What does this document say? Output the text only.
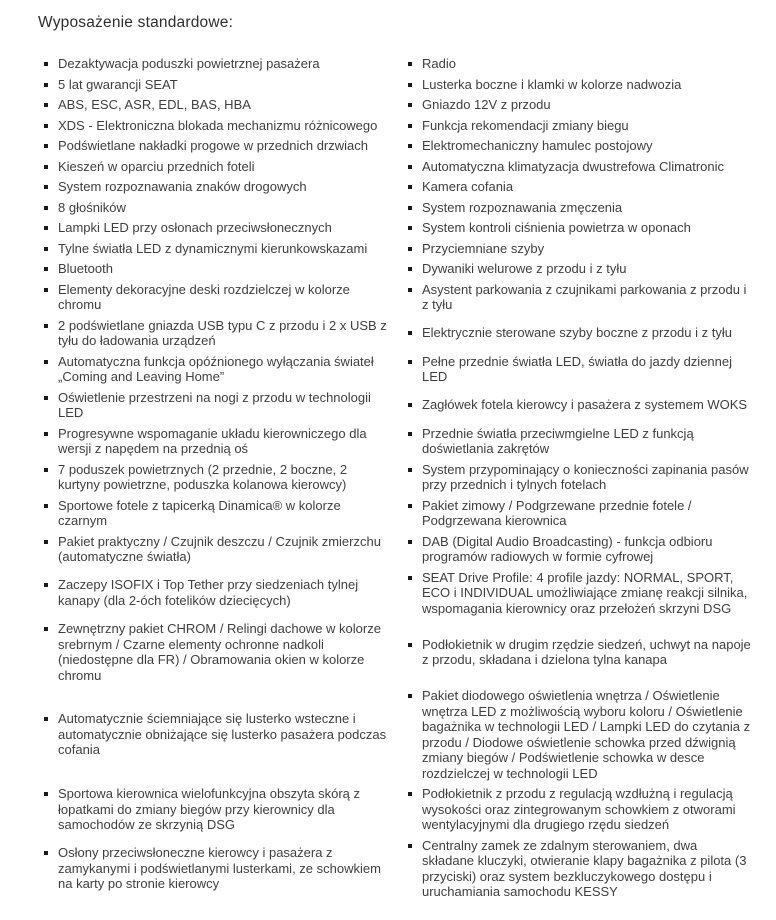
Wyposażenie standardowe:
Dezaktywacja poduszki powietrznej pasażera	Radio
5 lat gwarancji SEAT	Lusterka boczne i klamki w kolorze nadwozia
ABS, ESC, ASR, EDL, BAS, HBA	Gniazdo 12V z przodu
XDS - Elektroniczna blokada mechanizmu różnicowego	Funkcja rekomendacji zmiany biegu
Podświetlane nakładki progowe w przednich drzwiach	Elektromechaniczny hamulec postojowy
Kieszeń w oparciu przednich foteli	Automatyczna klimatyzacja dwustrefowa Climatronic
System rozpoznawania znaków drogowych	Kamera cofania
8 głośników	System rozpoznawania zmęczenia
Lampki LED przy osłonach przeciwsłonecznych	System kontroli ciśnienia powietrza w oponach
Tylne światła LED z dynamicznymi kierunkowskazami	Przyciemniane szyby
Bluetooth	Dywaniki welurowe z przodu i z tyłu
Elementy dekoracyjne deski rozdzielczej w kolorze chromu
Asystent parkowania z czujnikami parkowania z przodu i z tyłu
2 podświetlane gniazda USB typu C z przodu i 2 x USB z tyłu do ładowania urządzeń
Elektrycznie sterowane szyby boczne z przodu i z tyłu
Automatyczna funkcja opóźnionego wyłączania świateł „Coming and Leaving Home”
Pełne przednie światła LED, światła do jazdy dziennej LED
Oświetlenie przestrzeni na nogi z przodu w technologii LED
Zagłówek fotela kierowcy i pasażera z systemem WOKS
Progresywne wspomaganie układu kierowniczego dla wersji z napędem na przednią oś
Przednie światła przeciwmgielne LED z funkcją doświetlania zakrętów
7 poduszek powietrznych (2 przednie, 2 boczne, 2 kurtyny powietrzne, poduszka kolanowa kierowcy)
System przypominający o konieczności zapinania pasów przy przednich i tylnych fotelach
Sportowe fotele z tapicerką Dinamica® w kolorze czarnym
Pakiet zimowy / Podgrzewane przednie fotele / Podgrzewana kierownica
Pakiet praktyczny / Czujnik deszczu / Czujnik zmierzchu (automatyczne światła)
DAB (Digital Audio Broadcasting) - funkcja odbioru programów radiowych w formie cyfrowej
Zaczepy ISOFIX i Top Tether przy siedzeniach tylnej kanapy (dla 2-óch fotelików dziecięcych)
SEAT Drive Profile: 4 profile jazdy: NORMAL, SPORT, ECO i INDIVIDUAL umożliwiające zmianę reakcji silnika, wspomagania kierownicy oraz przełożeń skrzyni DSG
Zewnętrzny pakiet CHROM / Relingi dachowe w kolorze srebrnym / Czarne elementy ochronne nadkoli (niedostępne dla FR) / Obramowania okien w kolorze chromu
Podłokietnik w drugim rzędzie siedzeń, uchwyt na napoje z przodu, składana i dzielona tylna kanapa
Automatycznie ściemniające się lusterko wsteczne i automatycznie obniżające się lusterko pasażera podczas cofania
Pakiet diodowego oświetlenia wnętrza / Oświetlenie wnętrza LED z możliwością wyboru koloru / Oświetlenie bagażnika w technologii LED / Lampki LED do czytania z przodu / Diodowe oświetlenie schowka przed dźwignią zmiany biegów / Podświetlenie schowka w desce rozdzielczej w technologii LED
Sportowa kierownica wielofunkcyjna obszyta skórą z łopatkami do zmiany biegów przy kierownicy dla samochodów ze skrzynią DSG
Podłokietnik z przodu z regulacją wzdłużną i regulacją wysokości oraz zintegrowanym schowkiem z otworami wentylacyjnymi dla drugiego rzędu siedzeń
Osłony przeciwsłoneczne kierowcy i pasażera z zamykanymi i podświetlanymi lusterkami, ze schowkiem na karty po stronie kierowcy
Centralny zamek ze zdalnym sterowaniem, dwa składane kluczyki, otwieranie klapy bagażnika z pilota (3 przyciski) oraz system bezkluczykowego dostępu i uruchamiania samochodu KESSY
